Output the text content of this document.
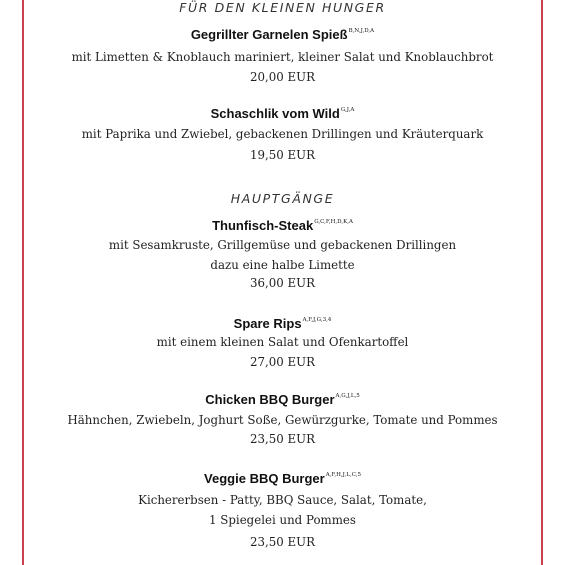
FÜR DEN KLEINEN HUNGER
Gegrillter Garnelen Spieß$^{B,N,J,D,A}$
mit Limetten & Knoblauch mariniert, kleiner Salat und Knoblauchbrot
20,00 EUR
Schaschlik vom Wild$^{G,J,A}$
mit Paprika und Zwiebel, gebackenen Drillingen und Kräuterquark
19,50 EUR
HAUPTGÄNGE
Thunfisch-Steak$^{G,C,F,H,D,K,A}$
mit Sesamkruste, Grillgemüse und gebackenen Drillingen
dazu eine halbe Limette
36,00 EUR
Spare Rips$^{A,F,J,G,3,4}$
mit einem kleinen Salat und Ofenkartoffel
27,00 EUR
Chicken BBQ Burger$^{A,G,J,L,5}$
Hähnchen, Zwiebeln, Joghurt Soße, Gewürzgurke, Tomate und Pommes
23,50 EUR
Veggie BBQ Burger$^{A,F,H,J,L,C,5}$
Kichererbsen - Patty, BBQ Sauce, Salat, Tomate,
1 Spiegelei und Pommes
23,50 EUR
